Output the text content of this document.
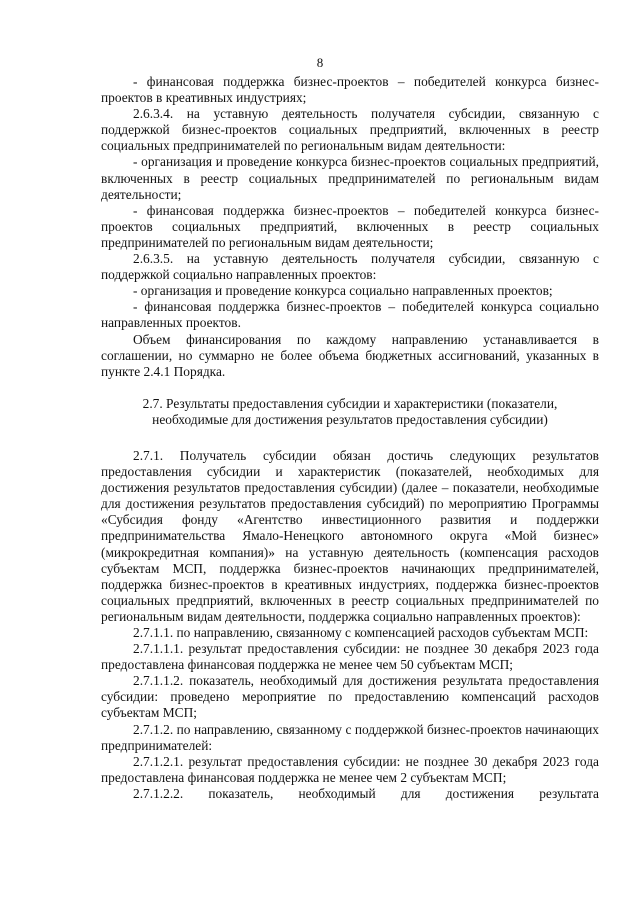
8

- финансовая поддержка бизнес-проектов – победителей конкурса бизнес-проектов в креативных индустриях;

2.6.3.4. на уставную деятельность получателя субсидии, связанную с поддержкой бизнес-проектов социальных предприятий, включенных в реестр социальных предпринимателей по региональным видам деятельности:

- организация и проведение конкурса бизнес-проектов социальных предприятий, включенных в реестр социальных предпринимателей по региональным видам деятельности;

- финансовая поддержка бизнес-проектов – победителей конкурса бизнес-проектов социальных предприятий, включенных в реестр социальных предпринимателей по региональным видам деятельности;

2.6.3.5. на уставную деятельность получателя субсидии, связанную с поддержкой социально направленных проектов:

- организация и проведение конкурса социально направленных проектов;

- финансовая поддержка бизнес-проектов – победителей конкурса социально направленных проектов.

Объем финансирования по каждому направлению устанавливается в соглашении, но суммарно не более объема бюджетных ассигнований, указанных в пункте 2.4.1 Порядка.

2.7. Результаты предоставления субсидии и характеристики (показатели, необходимые для достижения результатов предоставления субсидии)

2.7.1. Получатель субсидии обязан достичь следующих результатов предоставления субсидии и характеристик (показателей, необходимых для достижения результатов предоставления субсидии) (далее – показатели, необходимые для достижения результатов предоставления субсидий) по мероприятию Программы «Субсидия фонду «Агентство инвестиционного развития и поддержки предпринимательства Ямало-Ненецкого автономного округа «Мой бизнес» (микрокредитная компания)» на уставную деятельность (компенсация расходов субъектам МСП, поддержка бизнес-проектов начинающих предпринимателей, поддержка бизнес-проектов в креативных индустриях, поддержка бизнес-проектов социальных предприятий, включенных в реестр социальных предпринимателей по региональным видам деятельности, поддержка социально направленных проектов):

2.7.1.1. по направлению, связанному с компенсацией расходов субъектам МСП:

2.7.1.1.1. результат предоставления субсидии: не позднее 30 декабря 2023 года предоставлена финансовая поддержка не менее чем 50 субъектам МСП;

2.7.1.1.2. показатель, необходимый для достижения результата предоставления субсидии: проведено мероприятие по предоставлению компенсаций расходов субъектам МСП;

2.7.1.2. по направлению, связанному с поддержкой бизнес-проектов начинающих предпринимателей:

2.7.1.2.1. результат предоставления субсидии: не позднее 30 декабря 2023 года предоставлена финансовая поддержка не менее чем 2 субъектам МСП;

2.7.1.2.2. показатель, необходимый для достижения результата
